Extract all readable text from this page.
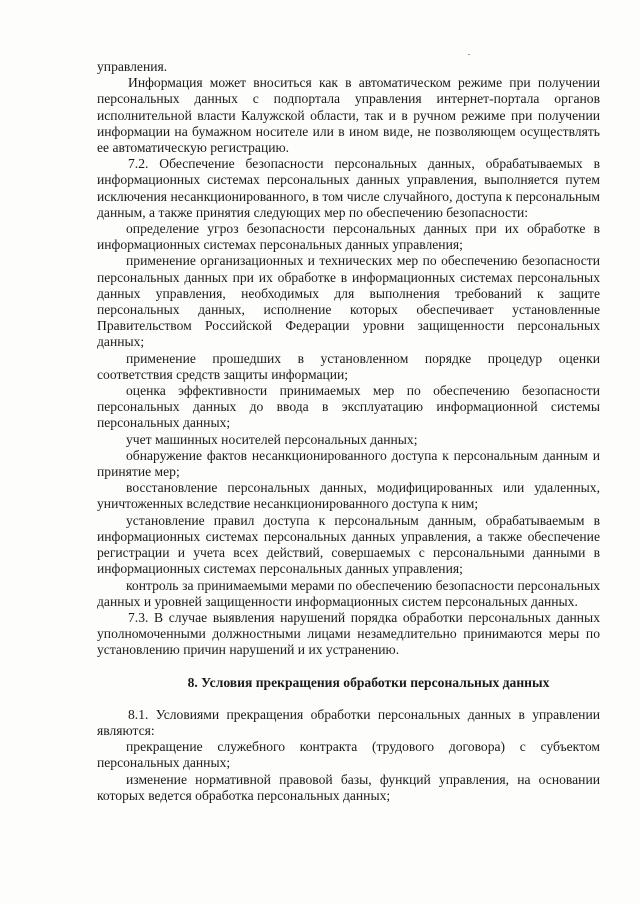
управления.

Информация может вноситься как в автоматическом режиме при получении персональных данных с подпортала управления интернет-портала органов исполнительной власти Калужской области, так и в ручном режиме при получении информации на бумажном носителе или в ином виде, не позволяющем осуществлять ее автоматическую регистрацию.

7.2. Обеспечение безопасности персональных данных, обрабатываемых в информационных системах персональных данных управления, выполняется путем исключения несанкционированного, в том числе случайного, доступа к персональным данным, а также принятия следующих мер по обеспечению безопасности:

определение угроз безопасности персональных данных при их обработке в информационных системах персональных данных управления;

применение организационных и технических мер по обеспечению безопасности персональных данных при их обработке в информационных системах персональных данных управления, необходимых для выполнения требований к защите персональных данных, исполнение которых обеспечивает установленные Правительством Российской Федерации уровни защищенности персональных данных;

применение прошедших в установленном порядке процедур оценки соответствия средств защиты информации;

оценка эффективности принимаемых мер по обеспечению безопасности персональных данных до ввода в эксплуатацию информационной системы персональных данных;

учет машинных носителей персональных данных;

обнаружение фактов несанкционированного доступа к персональным данным и принятие мер;

восстановление персональных данных, модифицированных или удаленных, уничтоженных вследствие несанкционированного доступа к ним;

установление правил доступа к персональным данным, обрабатываемым в информационных системах персональных данных управления, а также обеспечение регистрации и учета всех действий, совершаемых с персональными данными в информационных системах персональных данных управления;

контроль за принимаемыми мерами по обеспечению безопасности персональных данных и уровней защищенности информационных систем персональных данных.

7.3. В случае выявления нарушений порядка обработки персональных данных уполномоченными должностными лицами незамедлительно принимаются меры по установлению причин нарушений и их устранению.

8. Условия прекращения обработки персональных данных

8.1. Условиями прекращения обработки персональных данных в управлении являются:

прекращение служебного контракта (трудового договора) с субъектом персональных данных;

изменение нормативной правовой базы, функций управления, на основании которых ведется обработка персональных данных;
